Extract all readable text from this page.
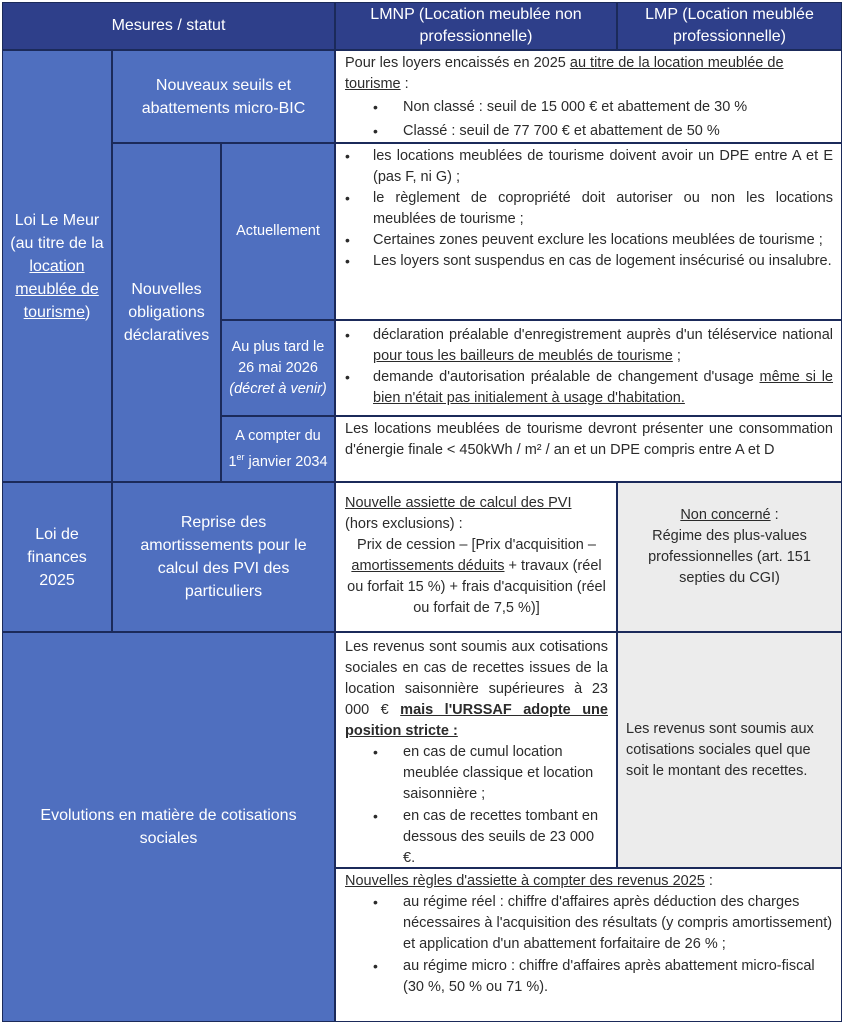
Mesures / statut
LMNP (Location meublée non professionnelle)
LMP (Location meublée professionnelle)
Loi Le Meur (au titre de la location meublée de tourisme)
Nouveaux seuils et abattements micro-BIC

Pour les loyers encaissés en 2025 au titre de la location meublée de tourisme :

• Non classé : seuil de 15 000 € et abattement de 30 %
• Classé : seuil de 77 700 € et abattement de 50 %
Nouvelles obligations déclaratives
Actuellement
• les locations meublées de tourisme doivent avoir un DPE entre A et E (pas F, ni G) ;
• le règlement de copropriété doit autoriser ou non les locations meublées de tourisme ;
• Certaines zones peuvent exclure les locations meublées de tourisme ;
• Les loyers sont suspendus en cas de logement insécurisé ou insalubre.
Au plus tard le 26 mai 2026 (décret à venir)
• déclaration préalable d'enregistrement auprès d'un téléservice national pour tous les bailleurs de meublés de tourisme ;
• demande d'autorisation préalable de changement d'usage même si le bien n'était pas initialement à usage d'habitation.
A compter du 1er janvier 2034
Les locations meublées de tourisme devront présenter une consommation d'énergie finale < 450kWh / m² / an et un DPE compris entre A et D
Loi de finances 2025
Reprise des amortissements pour le calcul des PVI des particuliers

Nouvelle assiette de calcul des PVI (hors exclusions) :

Prix de cession – [Prix d'acquisition – amortissements déduits + travaux (réel ou forfait 15 %) + frais d'acquisition (réel ou forfait de 7,5 %)]

Non concerné :

Régime des plus-values professionnelles (art. 151 septies du CGI)

Evolutions en matière de cotisations sociales

Les revenus sont soumis aux cotisations sociales en cas de recettes issues de la location saisonnière supérieures à 23 000 € mais l'URSSAF adopte une position stricte :

• en cas de cumul location meublée classique et location saisonnière ;
• en cas de recettes tombant en dessous des seuils de 23 000 €.
Les revenus sont soumis aux cotisations sociales quel que soit le montant des recettes.

Nouvelles règles d'assiette à compter des revenus 2025 :

• au régime réel : chiffre d'affaires après déduction des charges nécessaires à l'acquisition des résultats (y compris amortissement) et application d'un abattement forfaitaire de 26 % ;
• au régime micro : chiffre d'affaires après abattement micro-fiscal (30 %, 50 % ou 71 %).
